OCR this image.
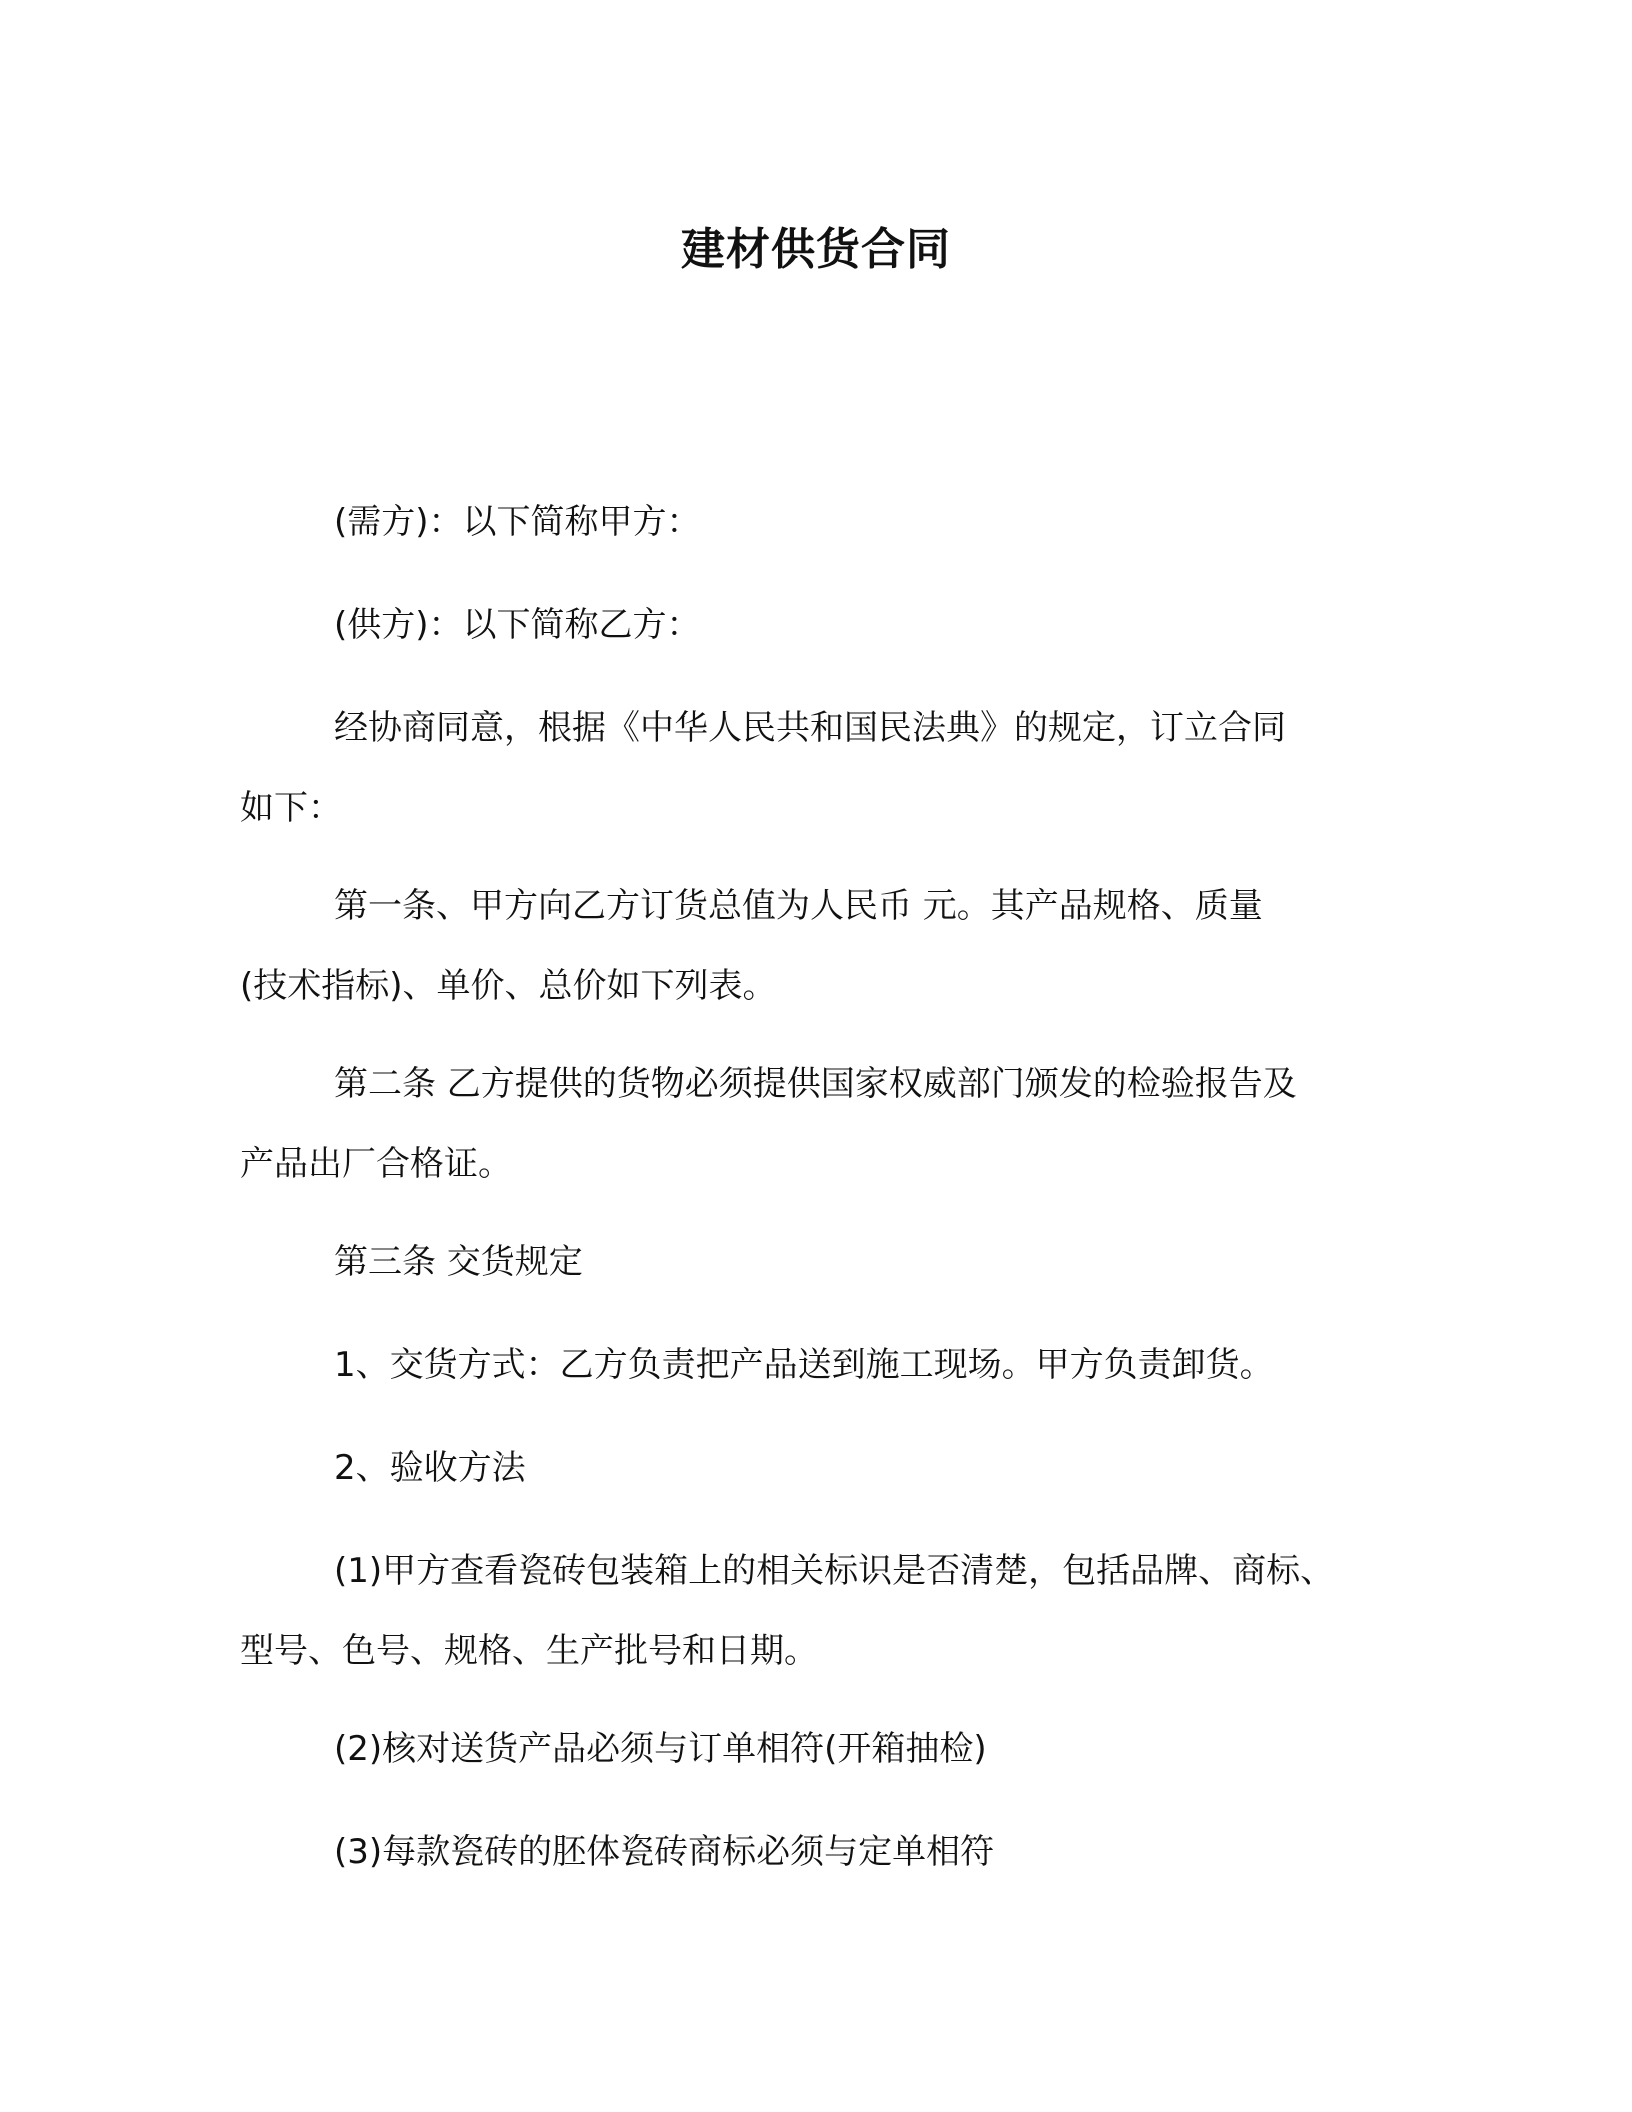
建材供货合同
(需方)：以下简称甲方：
(供方)：以下简称乙方：
经协商同意，根据《中华人民共和国民法典》的规定，订立合同
如下：
第一条、甲方向乙方订货总值为人民币 元。其产品规格、质量
(技术指标)、单价、总价如下列表。
第二条 乙方提供的货物必须提供国家权威部门颁发的检验报告及
产品出厂合格证。
第三条 交货规定
1、交货方式：乙方负责把产品送到施工现场。甲方负责卸货。
2、验收方法
(1)甲方查看瓷砖包装箱上的相关标识是否清楚，包括品牌、商标、
型号、色号、规格、生产批号和日期。
(2)核对送货产品必须与订单相符(开箱抽检)
(3)每款瓷砖的胚体瓷砖商标必须与定单相符
